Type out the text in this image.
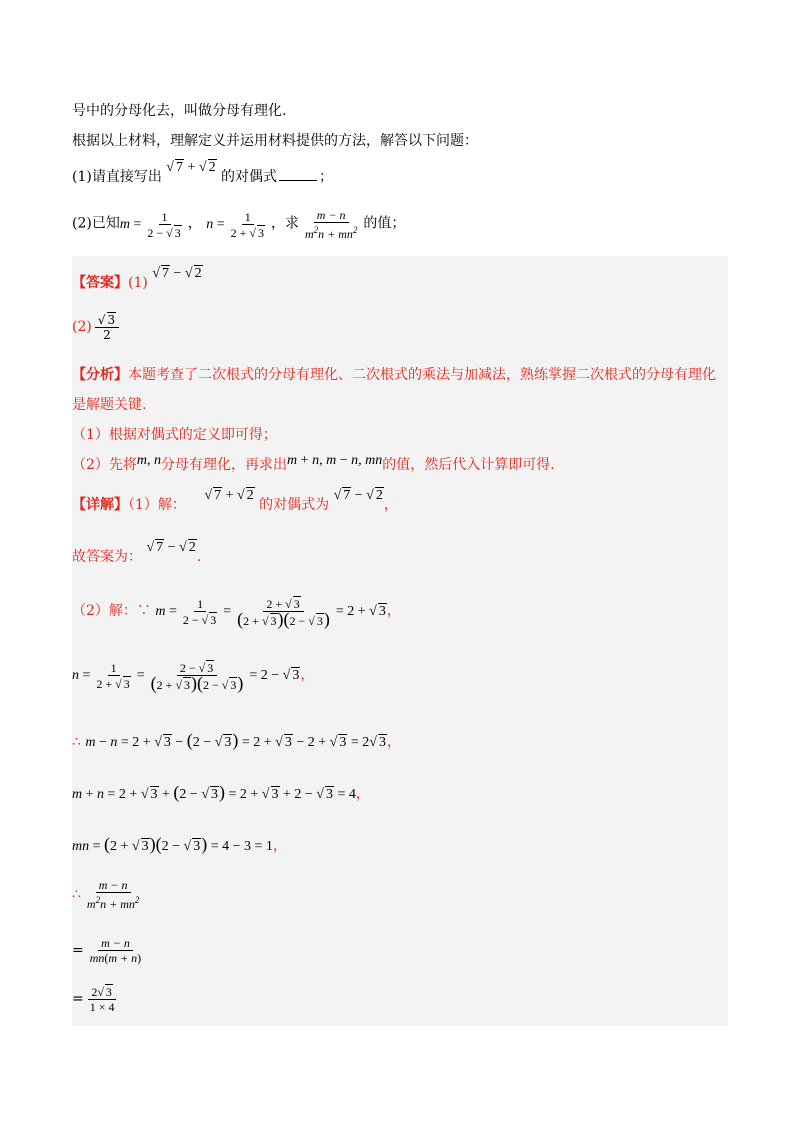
号中的分母化去，叫做分母有理化.
根据以上材料，理解定义并运用材料提供的方法，解答以下问题：
(1)请直接写出 √ 7 + √ 2 的对偶式	；
(2)已知$m = \frac{1}{2 - √ 3}$ ， $n = \frac{1}{2 + √ 3}$ ，求 $\frac{m - n}{m^2n + mn^2}$ 的值；
【答案】(1) √ 7 − √ 2
$(2) \frac{√ 3}{2}$
【分析】本题考查了二次根式的分母有理化、二次根式的乘法与加减法，熟练掌握二次根式的分母有理化
是解题关键.
（1）根据对偶式的定义即可得；
（2）先将m, n分母有理化，再求出m + n, m − n, mn的值，然后代入计算即可得.
【详解】（1）解： √ 7 + √ 2 的对偶式为 √ 7 − √ 2，
故答案为： √ 7 − √ 2.
（2）解：∵ $m = \frac{1}{2 - √ 3} = \frac{2 + √ 3}{(2 + √ 3)(2 - √ 3)} = 2$ + √ 3，
$n = \frac{1}{2 + √ 3} = \frac{2 - √ 3}{(2 + √ 3)(2 - √ 3)} = 2$ − √ 3，
∴ m − n = 2 + √ 3 − (2 − √ 3) = 2 + √ 3 − 2 + √ 3 = 2√ 3，
m + n = 2 + √ 3 + (2 − √ 3) = 2 + √ 3 + 2 − √ 3 = 4，
mn = (2 + √ 3)(2 − √ 3) = 4 − 3 = 1，
∴ $\frac{m - n}{m^2n + mn^2}$
= $\frac{m - n}{mn(m + n)}$
= $\frac{2√ 3}{1 \times 4}$
